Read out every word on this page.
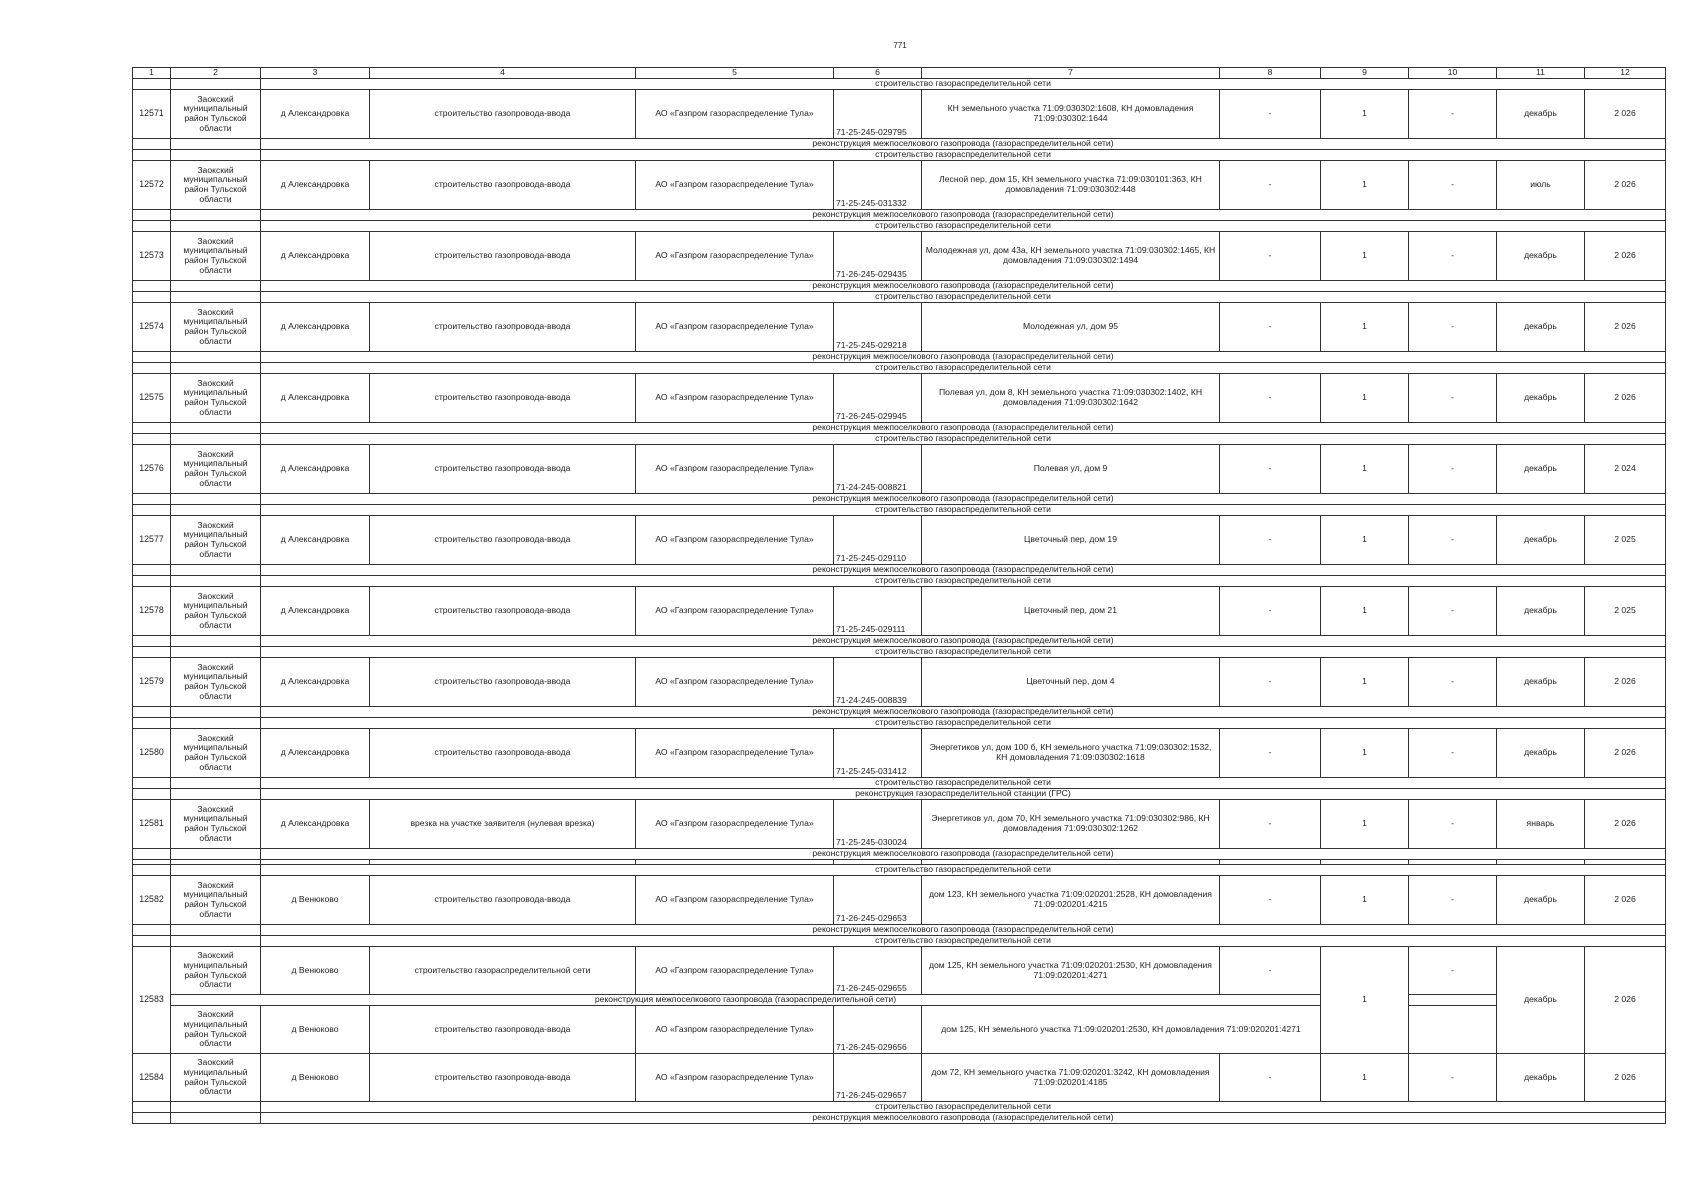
771
1	2	3	4	5	6	7	8	9	10	11	12
		строительство газораспределительной сети									
12571	Заокский муниципальный район Тульской области	д Александровка	строительство газопровода-ввода	АО «Газпром газораспределение Тула»	71-25-245-029795	КН земельного участка 71:09:030302:1608, КН домовладения 71:09:030302:1644	-	1	-	декабрь	2 026
		реконструкция межпоселкового газопровода (газораспределительной сети)									
		строительство газораспределительной сети									
12572	Заокский муниципальный район Тульской области	д Александровка	строительство газопровода-ввода	АО «Газпром газораспределение Тула»	71-25-245-031332	Лесной пер, дом 15, КН земельного участка 71:09:030101:363, КН домовладения 71:09:030302:448	-	1	-	июль	2 026
		реконструкция межпоселкового газопровода (газораспределительной сети)									
		строительство газораспределительной сети									
12573	Заокский муниципальный район Тульской области	д Александровка	строительство газопровода-ввода	АО «Газпром газораспределение Тула»	71-26-245-029435	Молодежная ул, дом 43а, КН земельного участка 71:09:030302:1465, КН домовладения 71:09:030302:1494	-	1	-	декабрь	2 026
		реконструкция межпоселкового газопровода (газораспределительной сети)									
		строительство газораспределительной сети									
12574	Заокский муниципальный район Тульской области	д Александровка	строительство газопровода-ввода	АО «Газпром газораспределение Тула»	71-25-245-029218	Молодежная ул, дом 95	-	1	-	декабрь	2 026
		реконструкция межпоселкового газопровода (газораспределительной сети)									
		строительство газораспределительной сети									
12575	Заокский муниципальный район Тульской области	д Александровка	строительство газопровода-ввода	АО «Газпром газораспределение Тула»	71-26-245-029945	Полевая ул, дом 8, КН земельного участка 71:09:030302:1402, КН домовладения 71:09:030302:1642	-	1	-	декабрь	2 026
		реконструкция межпоселкового газопровода (газораспределительной сети)									
		строительство газораспределительной сети									
12576	Заокский муниципальный район Тульской области	д Александровка	строительство газопровода-ввода	АО «Газпром газораспределение Тула»	71-24-245-008821	Полевая ул, дом 9	-	1	-	декабрь	2 024
		реконструкция межпоселкового газопровода (газораспределительной сети)									
		строительство газораспределительной сети									
12577	Заокский муниципальный район Тульской области	д Александровка	строительство газопровода-ввода	АО «Газпром газораспределение Тула»	71-25-245-029110	Цветочный пер, дом 19	-	1	-	декабрь	2 025
		реконструкция межпоселкового газопровода (газораспределительной сети)									
		строительство газораспределительной сети									
12578	Заокский муниципальный район Тульской области	д Александровка	строительство газопровода-ввода	АО «Газпром газораспределение Тула»	71-25-245-029111	Цветочный пер, дом 21	-	1	-	декабрь	2 025
		реконструкция межпоселкового газопровода (газораспределительной сети)									
		строительство газораспределительной сети									
12579	Заокский муниципальный район Тульской области	д Александровка	строительство газопровода-ввода	АО «Газпром газораспределение Тула»	71-24-245-008839	Цветочный пер, дом 4	-	1	-	декабрь	2 026
		реконструкция межпоселкового газопровода (газораспределительной сети)									
		строительство газораспределительной сети									
12580	Заокский муниципальный район Тульской области	д Александровка	строительство газопровода-ввода	АО «Газпром газораспределение Тула»	71-25-245-031412	Энергетиков ул, дом 100 б, КН земельного участка 71:09:030302:1532, КН домовладения 71:09:030302:1618	-	1	-	декабрь	2 026
		строительство газораспределительной сети									
		реконструкция газораспределительной станции (ГРС)									
12581	Заокский муниципальный район Тульской области	д Александровка	врезка на участке заявителя (нулевая врезка)	АО «Газпром газораспределение Тула»	71-25-245-030024	Энергетиков ул, дом 70, КН земельного участка 71:09:030302:986, КН домовладения 71:09:030302:1262	-	1	-	январь	2 026
		реконструкция межпоселкового газопровода (газораспределительной сети)									

		строительство газораспределительной сети									
12582	Заокский муниципальный район Тульской области	д Венюково	строительство газопровода-ввода	АО «Газпром газораспределение Тула»	71-26-245-029653	дом 123, КН земельного участка 71:09:020201:2528, КН домовладения 71:09:020201:4215	-	1	-	декабрь	2 026
		реконструкция межпоселкового газопровода (газораспределительной сети)									
		строительство газораспределительной сети									
12583	Заокский муниципальный район Тульской области	д Венюково	строительство газораспределительной сети	АО «Газпром газораспределение Тула»	71-26-245-029655	дом 125, КН земельного участка 71:09:020201:2530, КН домовладения 71:09:020201:4271	-	1	-	декабрь	2 026
	реконструкция межпоселкового газопровода (газораспределительной сети)										
	Заокский муниципальный район Тульской области	д Венюково	строительство газопровода-ввода	АО «Газпром газораспределение Тула»	71-26-245-029656	дом 125, КН земельного участка 71:09:020201:2530, КН домовладения 71:09:020201:4271					
12584	Заокский муниципальный район Тульской области	д Венюково	строительство газопровода-ввода	АО «Газпром газораспределение Тула»	71-26-245-029657	дом 72, КН земельного участка 71:09:020201:3242, КН домовладения 71:09:020201:4185	-	1	-	декабрь	2 026
		строительство газораспределительной сети									
		реконструкция межпоселкового газопровода (газораспределительной сети)									
